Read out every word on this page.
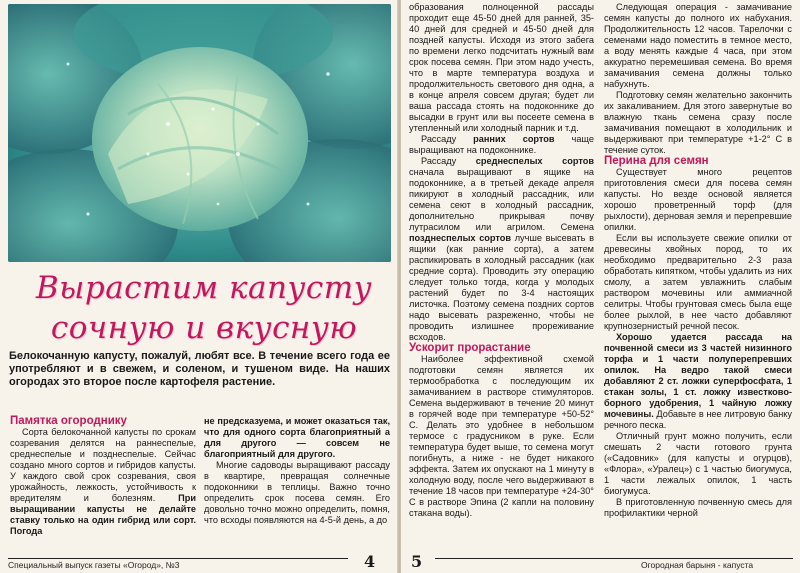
Вырастим капусту
сочную и вкусную
Белокочанную капусту, пожалуй, любят все. В течение всего года ее употребляют и в свежем, и соленом, и тушеном виде. На наших огородах это второе после картофеля растение.

Памятка огороднику

Сорта белокочанной капусты по срокам созревания делятся на раннеспелые, среднеспелые и позднеспелые. Сейчас создано много сортов и гибридов капусты. У каждого свой срок созревания, своя урожайность, лежкость, устойчивость к вредителям и болезням. При выращивании капусты не делайте ставку только на один гибрид или сорт. Погода

не предсказуема, и может оказаться так, что для одного сорта благоприятный а для другого — совсем не благоприятный для другого.

Многие садоводы выращивают рассаду в квартире, превращая солнечные подоконники в теплицы. Важно точно определить срок посева семян. Его довольно точно можно определить, помня, что всходы появляются на 4-5-й день, а до

Специальный выпуск газеты «Огород», №3	4

образования полноценной рассады проходит еще 45-50 дней для ранней, 35-40 дней для средней и 45-50 дней для поздней капусты. Исходя из этого забега по времени легко подсчитать нужный вам срок посева семян. При этом надо учесть, что в марте температура воздуха и продолжительность светового дня одна, а в конце апреля совсем другая; будет ли ваша рассада стоять на подоконнике до высадки в грунт или вы посеете семена в утепленный или холодный парник и т.д.

Рассаду ранних сортов чаще выращивают на подоконнике.

Рассаду среднеспелых сортов сначала выращивают в ящике на подоконнике, а в третьей декаде апреля пикируют в холодный рассадник, или семена сеют в холодный рассадник, дополнительно прикрывая почву лутрасилом или агрилом. Семена позднеспелых сортов лучше высевать в ящики (как ранние сорта), а затем распикировать в холодный рассадник (как средние сорта). Проводить эту операцию следует только тогда, когда у молодых растений будет по 3-4 настоящих листочка. Поэтому семена поздних сортов надо высевать разреженно, чтобы не проводить излишнее прореживание всходов.

Ускорит прорастание

Наиболее эффективной схемой подготовки семян является их термообработка с последующим их замачиванием в растворе стимуляторов. Семена выдерживают в течение 20 минут в горячей воде при температуре +50-52° С. Делать это удобнее в небольшом термосе с градусником в руке. Если температура будет выше, то семена могут погибнуть, а ниже - не будет никакого эффекта. Затем их опускают на 1 минуту в холодную воду, после чего выдерживают в течение 18 часов при температуре +24-30° С в растворе Эпина (2 капли на половину стакана воды).

Следующая операция - замачивание семян капусты до полного их набухания. Продолжительность 12 часов. Тарелочки с семенами надо поместить в темное место, а воду менять каждые 4 часа, при этом аккуратно перемешивая семена. Во время замачивания семена должны только набухнуть.

Подготовку семян желательно закончить их закаливанием. Для этого завернутые во влажную ткань семена сразу после замачивания помещают в холодильник и выдерживают при температуре +1-2° С в течение суток.

Перина для семян

Существует много рецептов приготовления смеси для посева семян капусты. Но везде основой является хорошо проветренный торф (для рыхлости), дерновая земля и перепревшие опилки.

Если вы используете свежие опилки от древесины хвойных пород, то их необходимо предварительно 2-3 раза обработать кипятком, чтобы удалить из них смолу, а затем увлажнить слабым раствором мочевины или аммиачной селитры. Чтобы грунтовая смесь была еще более рыхлой, в нее часто добавляют крупнозернистый речной песок.

Хорошо удается рассада на почвенной смеси из 3 частей низинного торфа и 1 части полуперепревших опилок. На ведро такой смеси добавляют 2 ст. ложки суперфосфата, 1 стакан золы, 1 ст. ложку известково-борного удобрения, 1 чайную ложку мочевины. Добавьте в нее литровую банку речного песка.

Отличный грунт можно получить, если смешать 2 части готового грунта («Садовник» (для капусты и огурцов), «Флора», «Уралец») с 1 частью биогумуса, 1 части лежалых опилок, 1 часть биогумуса.

В приготовленную почвенную смесь для профилактики черной

5	Огородная барыня - капуста
